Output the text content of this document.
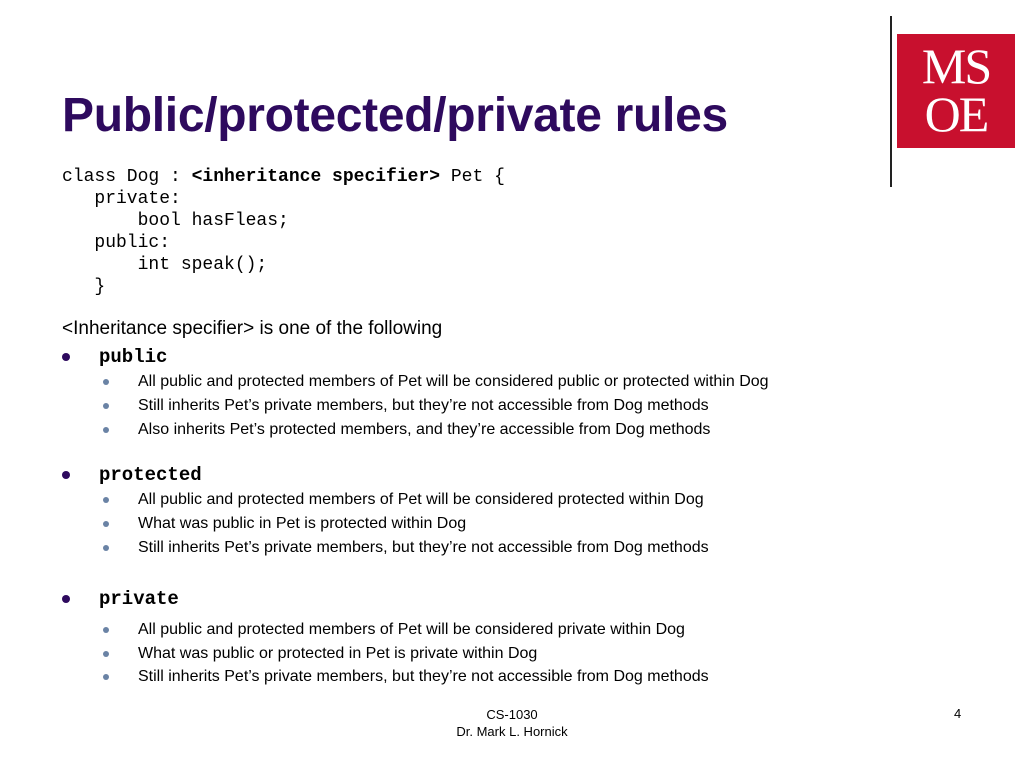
Public/protected/private rules
MS
OE
class Dog : <inheritance specifier> Pet {
private:
bool hasFleas;
public:
int speak();
}
<Inheritance specifier> is one of the following
public
All public and protected members of Pet will be considered public or protected within Dog
Still inherits Pet’s private members, but they’re not accessible from Dog methods
Also inherits Pet’s protected members, and they’re accessible from Dog methods
protected
All public and protected members of Pet will be considered protected within Dog
What was public in Pet is protected within Dog
Still inherits Pet’s private members, but they’re not accessible from Dog methods
private
All public and protected members of Pet will be considered private within Dog
What was public or protected in Pet is private within Dog
Still inherits Pet’s private members, but they’re not accessible from Dog methods
CS-1030
Dr. Mark L. Hornick
4
